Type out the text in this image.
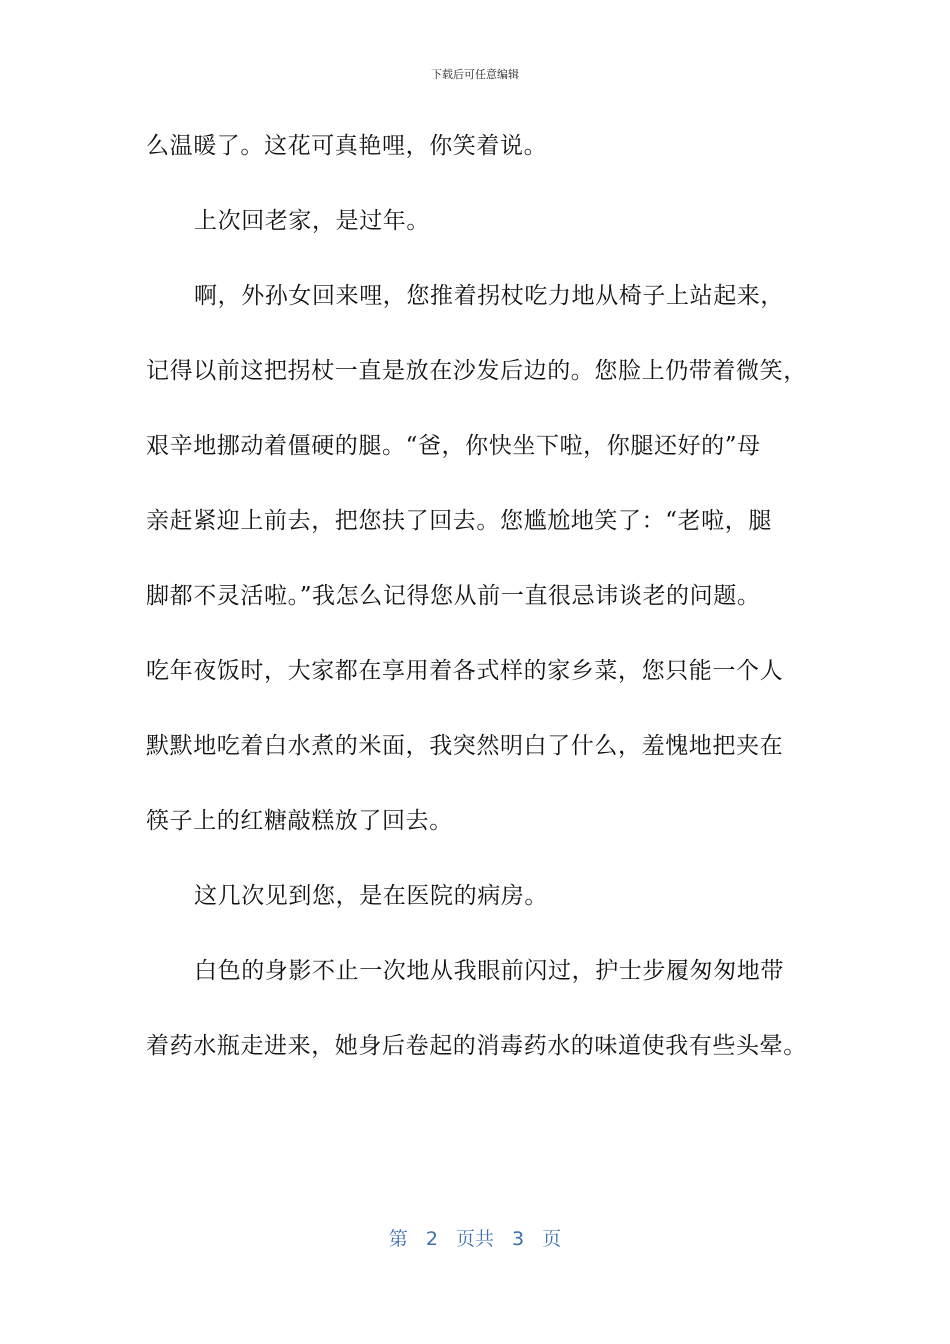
下载后可任意编辑
么温暖了。这花可真艳哩，你笑着说。
上次回老家，是过年。
啊，外孙女回来哩，您推着拐杖吃力地从椅子上站起来，
记得以前这把拐杖一直是放在沙发后边的。您脸上仍带着微笑，
艰辛地挪动着僵硬的腿。“爸，你快坐下啦，你腿还好的”母
亲赶紧迎上前去，把您扶了回去。您尴尬地笑了：“老啦，腿
脚都不灵活啦。”我怎么记得您从前一直很忌讳谈老的问题。
吃年夜饭时，大家都在享用着各式样的家乡菜，您只能一个人
默默地吃着白水煮的米面，我突然明白了什么，羞愧地把夹在
筷子上的红糖敲糕放了回去。
这几次见到您，是在医院的病房。
白色的身影不止一次地从我眼前闪过，护士步履匆匆地带
着药水瓶走进来，她身后卷起的消毒药水的味道使我有些头晕。
第 2 页共 3 页
